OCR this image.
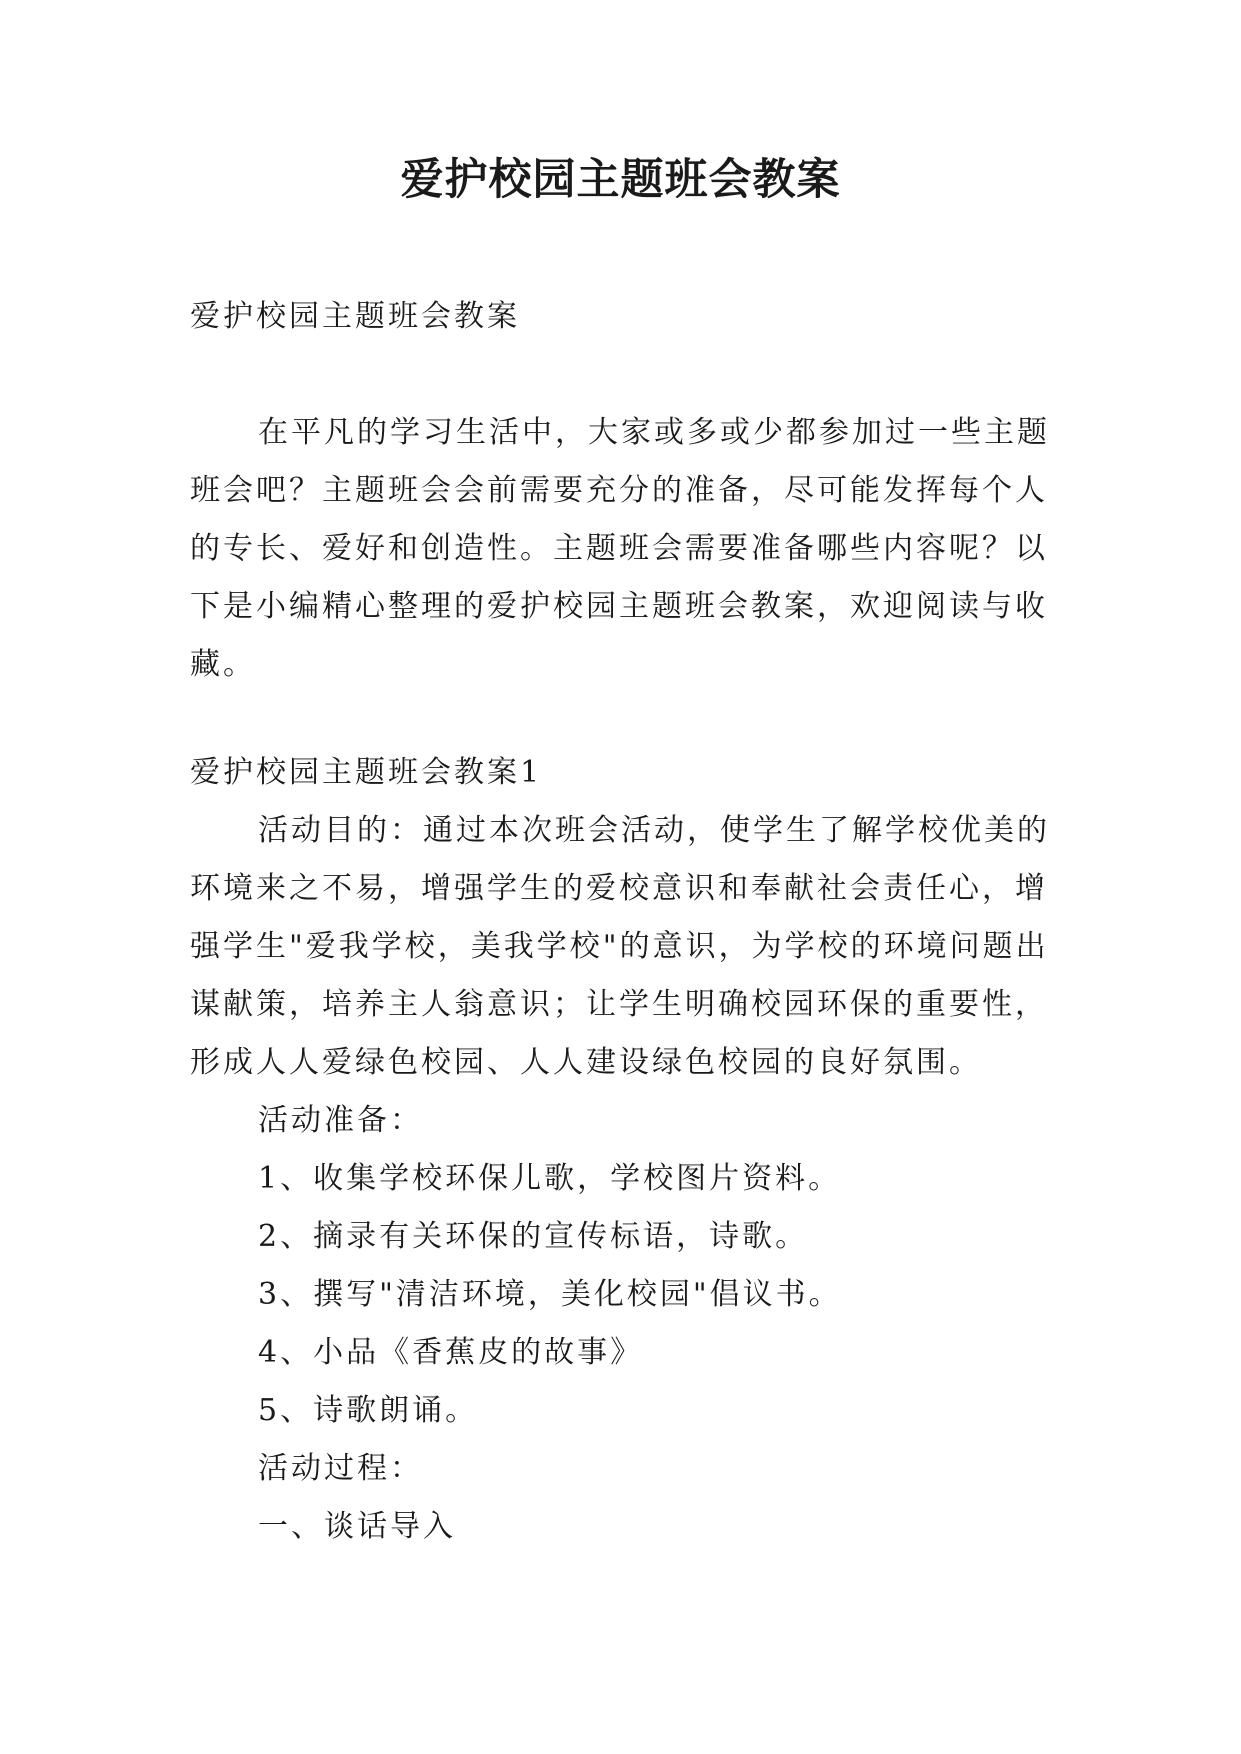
爱护校园主题班会教案

爱护校园主题班会教案

在平凡的学习生活中，大家或多或少都参加过一些主题班会吧？主题班会会前需要充分的准备，尽可能发挥每个人的专长、爱好和创造性。主题班会需要准备哪些内容呢？以下是小编精心整理的爱护校园主题班会教案，欢迎阅读与收藏。

爱护校园主题班会教案1

活动目的：通过本次班会活动，使学生了解学校优美的环境来之不易，增强学生的爱校意识和奉献社会责任心，增强学生"爱我学校，美我学校"的意识，为学校的环境问题出谋献策，培养主人翁意识；让学生明确校园环保的重要性，形成人人爱绿色校园、人人建设绿色校园的良好氛围。

活动准备：

1、收集学校环保儿歌，学校图片资料。

2、摘录有关环保的宣传标语，诗歌。

3、撰写"清洁环境，美化校园"倡议书。

4、小品《香蕉皮的故事》

5、诗歌朗诵。

活动过程：

一、谈话导入
